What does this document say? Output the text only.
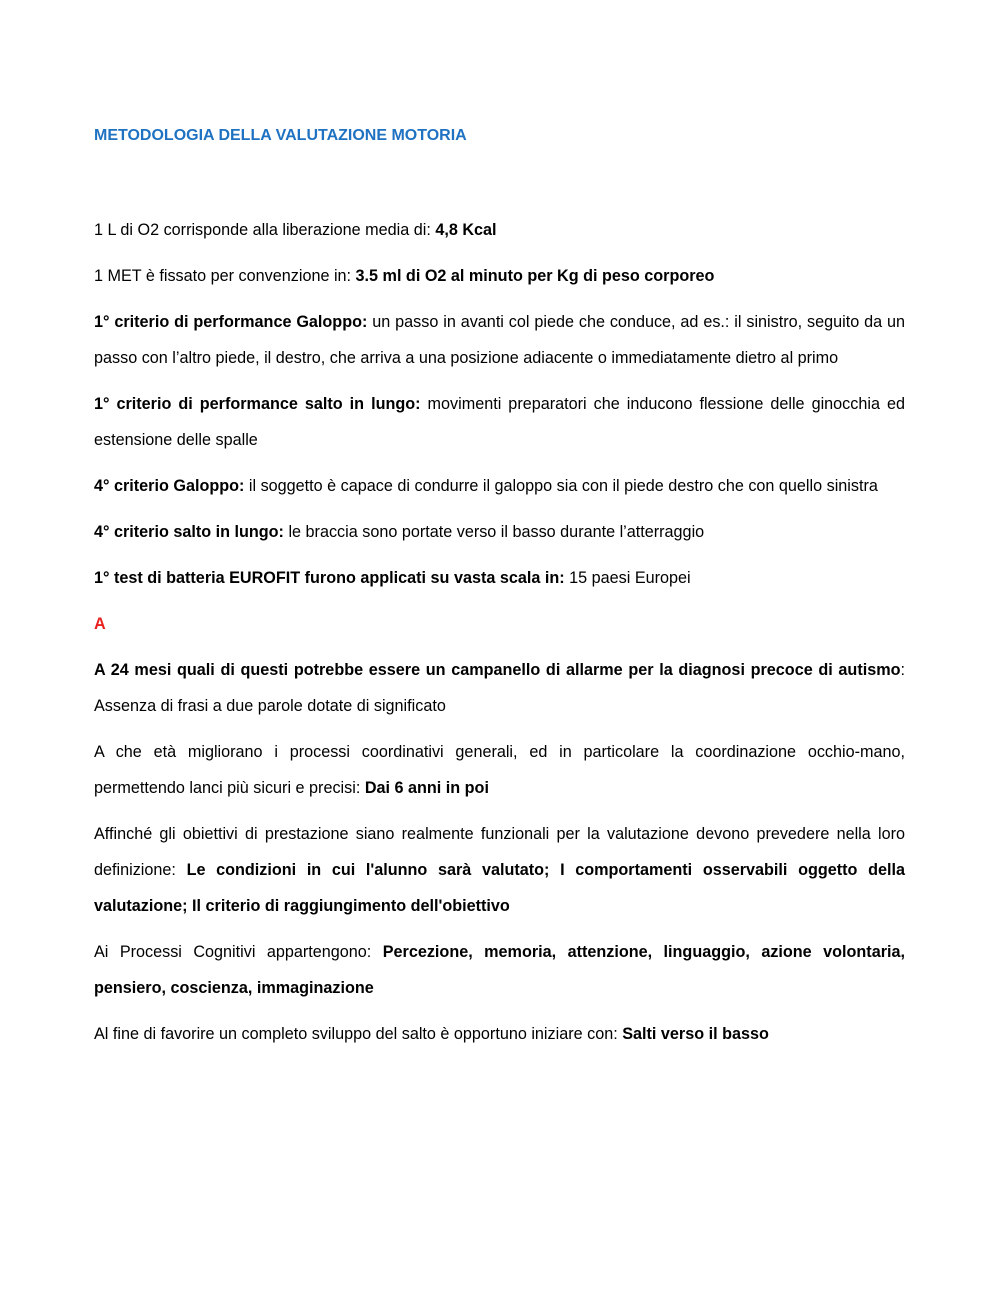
METODOLOGIA DELLA VALUTAZIONE MOTORIA

1 L di O2 corrisponde alla liberazione media di: 4,8 Kcal

1 MET è fissato per convenzione in: 3.5 ml di O2 al minuto per Kg di peso corporeo

1° criterio di performance Galoppo: un passo in avanti col piede che conduce, ad es.: il sinistro, seguito da un passo con l’altro piede, il destro, che arriva a una posizione adiacente o immediatamente dietro al primo

1° criterio di performance salto in lungo: movimenti preparatori che inducono flessione delle ginocchia ed estensione delle spalle

4° criterio Galoppo: il soggetto è capace di condurre il galoppo sia con il piede destro che con quello sinistra

4° criterio salto in lungo: le braccia sono portate verso il basso durante l’atterraggio

1° test di batteria EUROFIT furono applicati su vasta scala in: 15 paesi Europei

A

A 24 mesi quali di questi potrebbe essere un campanello di allarme per la diagnosi precoce di autismo: Assenza di frasi a due parole dotate di significato

A che età migliorano i processi coordinativi generali, ed in particolare la coordinazione occhio-mano, permettendo lanci più sicuri e precisi: Dai 6 anni in poi

Affinché gli obiettivi di prestazione siano realmente funzionali per la valutazione devono prevedere nella loro definizione: Le condizioni in cui l'alunno sarà valutato; I comportamenti osservabili oggetto della valutazione; Il criterio di raggiungimento dell'obiettivo

Ai Processi Cognitivi appartengono: Percezione, memoria, attenzione, linguaggio, azione volontaria, pensiero, coscienza, immaginazione

Al fine di favorire un completo sviluppo del salto è opportuno iniziare con: Salti verso il basso
